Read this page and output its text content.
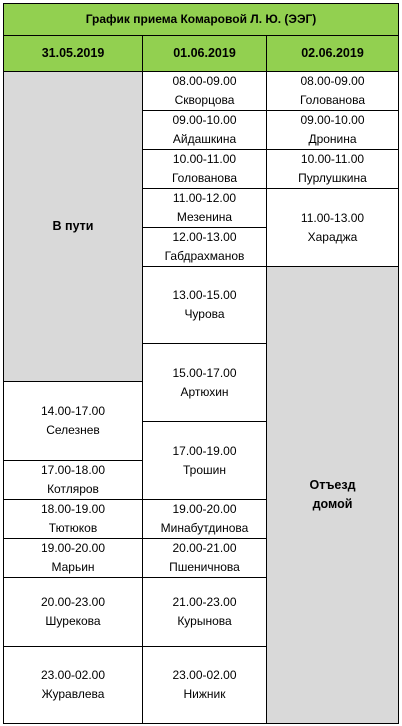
График приема Комаровой Л. Ю. (ЭЭГ)
31.05.2019	01.06.2019	02.06.2019
В пути
14.00-17.00
Селезнев
17.00-18.00
Котляров
18.00-19.00
Тютюков
19.00-20.00
Марьин
20.00-23.00
Шурекова
23.00-02.00
Журавлева
08.00-09.00
Скворцова
09.00-10.00
Айдашкина
10.00-11.00
Голованова
11.00-12.00
Мезенина
12.00-13.00
Габдрахманов
13.00-15.00
Чурова
15.00-17.00
Артюхин
17.00-19.00
Трошин
19.00-20.00
Минабутдинова
20.00-21.00
Пшеничнова
21.00-23.00
Курынова
23.00-02.00
Нижник
08.00-09.00
Голованова
09.00-10.00
Дронина
10.00-11.00
Пурлушкина
11.00-13.00
Хараджа
Отъезд домой
